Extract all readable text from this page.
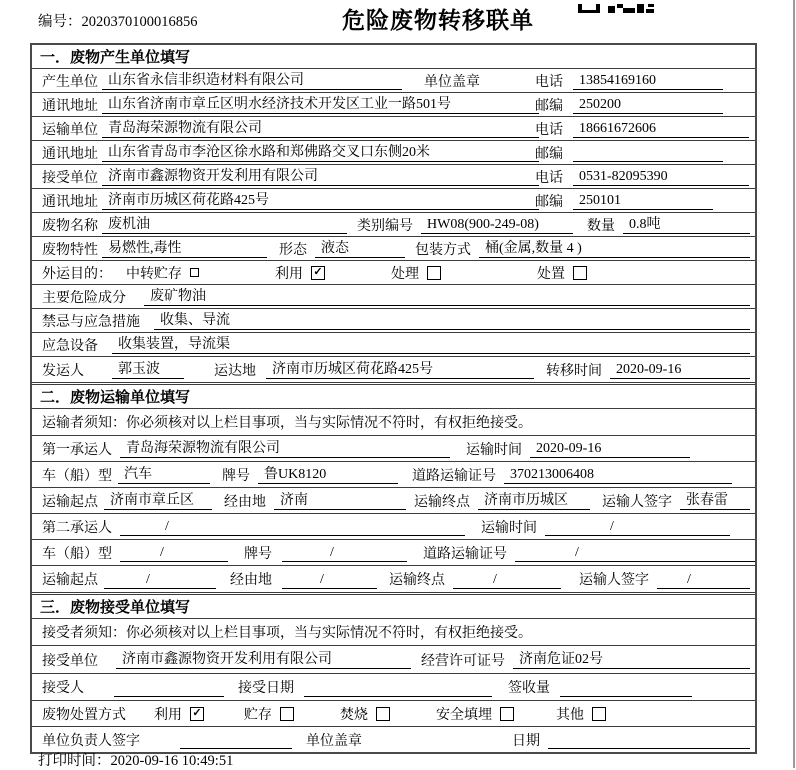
编号：2020370100016856	危险废物转移联单
一．废物产生单位填写
产生单位 山东省永信非织造材料有限公司	单位盖章	电话	13854169160
通讯地址 山东省济南市章丘区明水经济技术开发区工业一路501号	邮编	250200
运输单位 青岛海荣源物流有限公司	电话	18661672606
通讯地址 山东省青岛市李沧区徐水路和郑佛路交叉口东侧20米	邮编
接受单位 济南市鑫源物资开发利用有限公司	电话	0531-82095390
通讯地址 济南市历城区荷花路425号	邮编	250101
废物名称 废机油	类别编号	HW08(900-249-08)	数量	0.8吨
废物特性 易燃性,毒性	形态	液态	包装方式	桶(金属,数量 4 )
外运目的： 中转贮存	利用 ✓	处理	处置
主要危险成分	废矿物油
禁忌与应急措施	收集、导流
应急设备	收集装置，导流渠
发运人	郭玉波	运达地	济南市历城区荷花路425号	转移时间	2020-09-16
二．废物运输单位填写
运输者须知：你必须核对以上栏目事项，当与实际情况不符时，有权拒绝接受。
第一承运人	青岛海荣源物流有限公司	运输时间	2020-09-16
车（船）型 汽车	牌号	鲁UK8120	道路运输证号	370213006408
运输起点 济南市章丘区	经由地	济南	运输终点	济南市历城区	运输人签字	张春雷
第二承运人	/	运输时间	/
车（船）型	/	牌号	/	道路运输证号	/
运输起点	/	经由地	/	运输终点	/	运输人签字	/
三．废物接受单位填写
接受者须知：你必须核对以上栏目事项，当与实际情况不符时，有权拒绝接受。
接受单位	济南市鑫源物资开发利用有限公司	经营许可证号	济南危证02号
接受人	接受日期	签收量
废物处置方式 利用 ✓	贮存	焚烧	安全填埋	其他
单位负责人签字	单位盖章	日期
打印时间：2020-09-16 10:49:51
